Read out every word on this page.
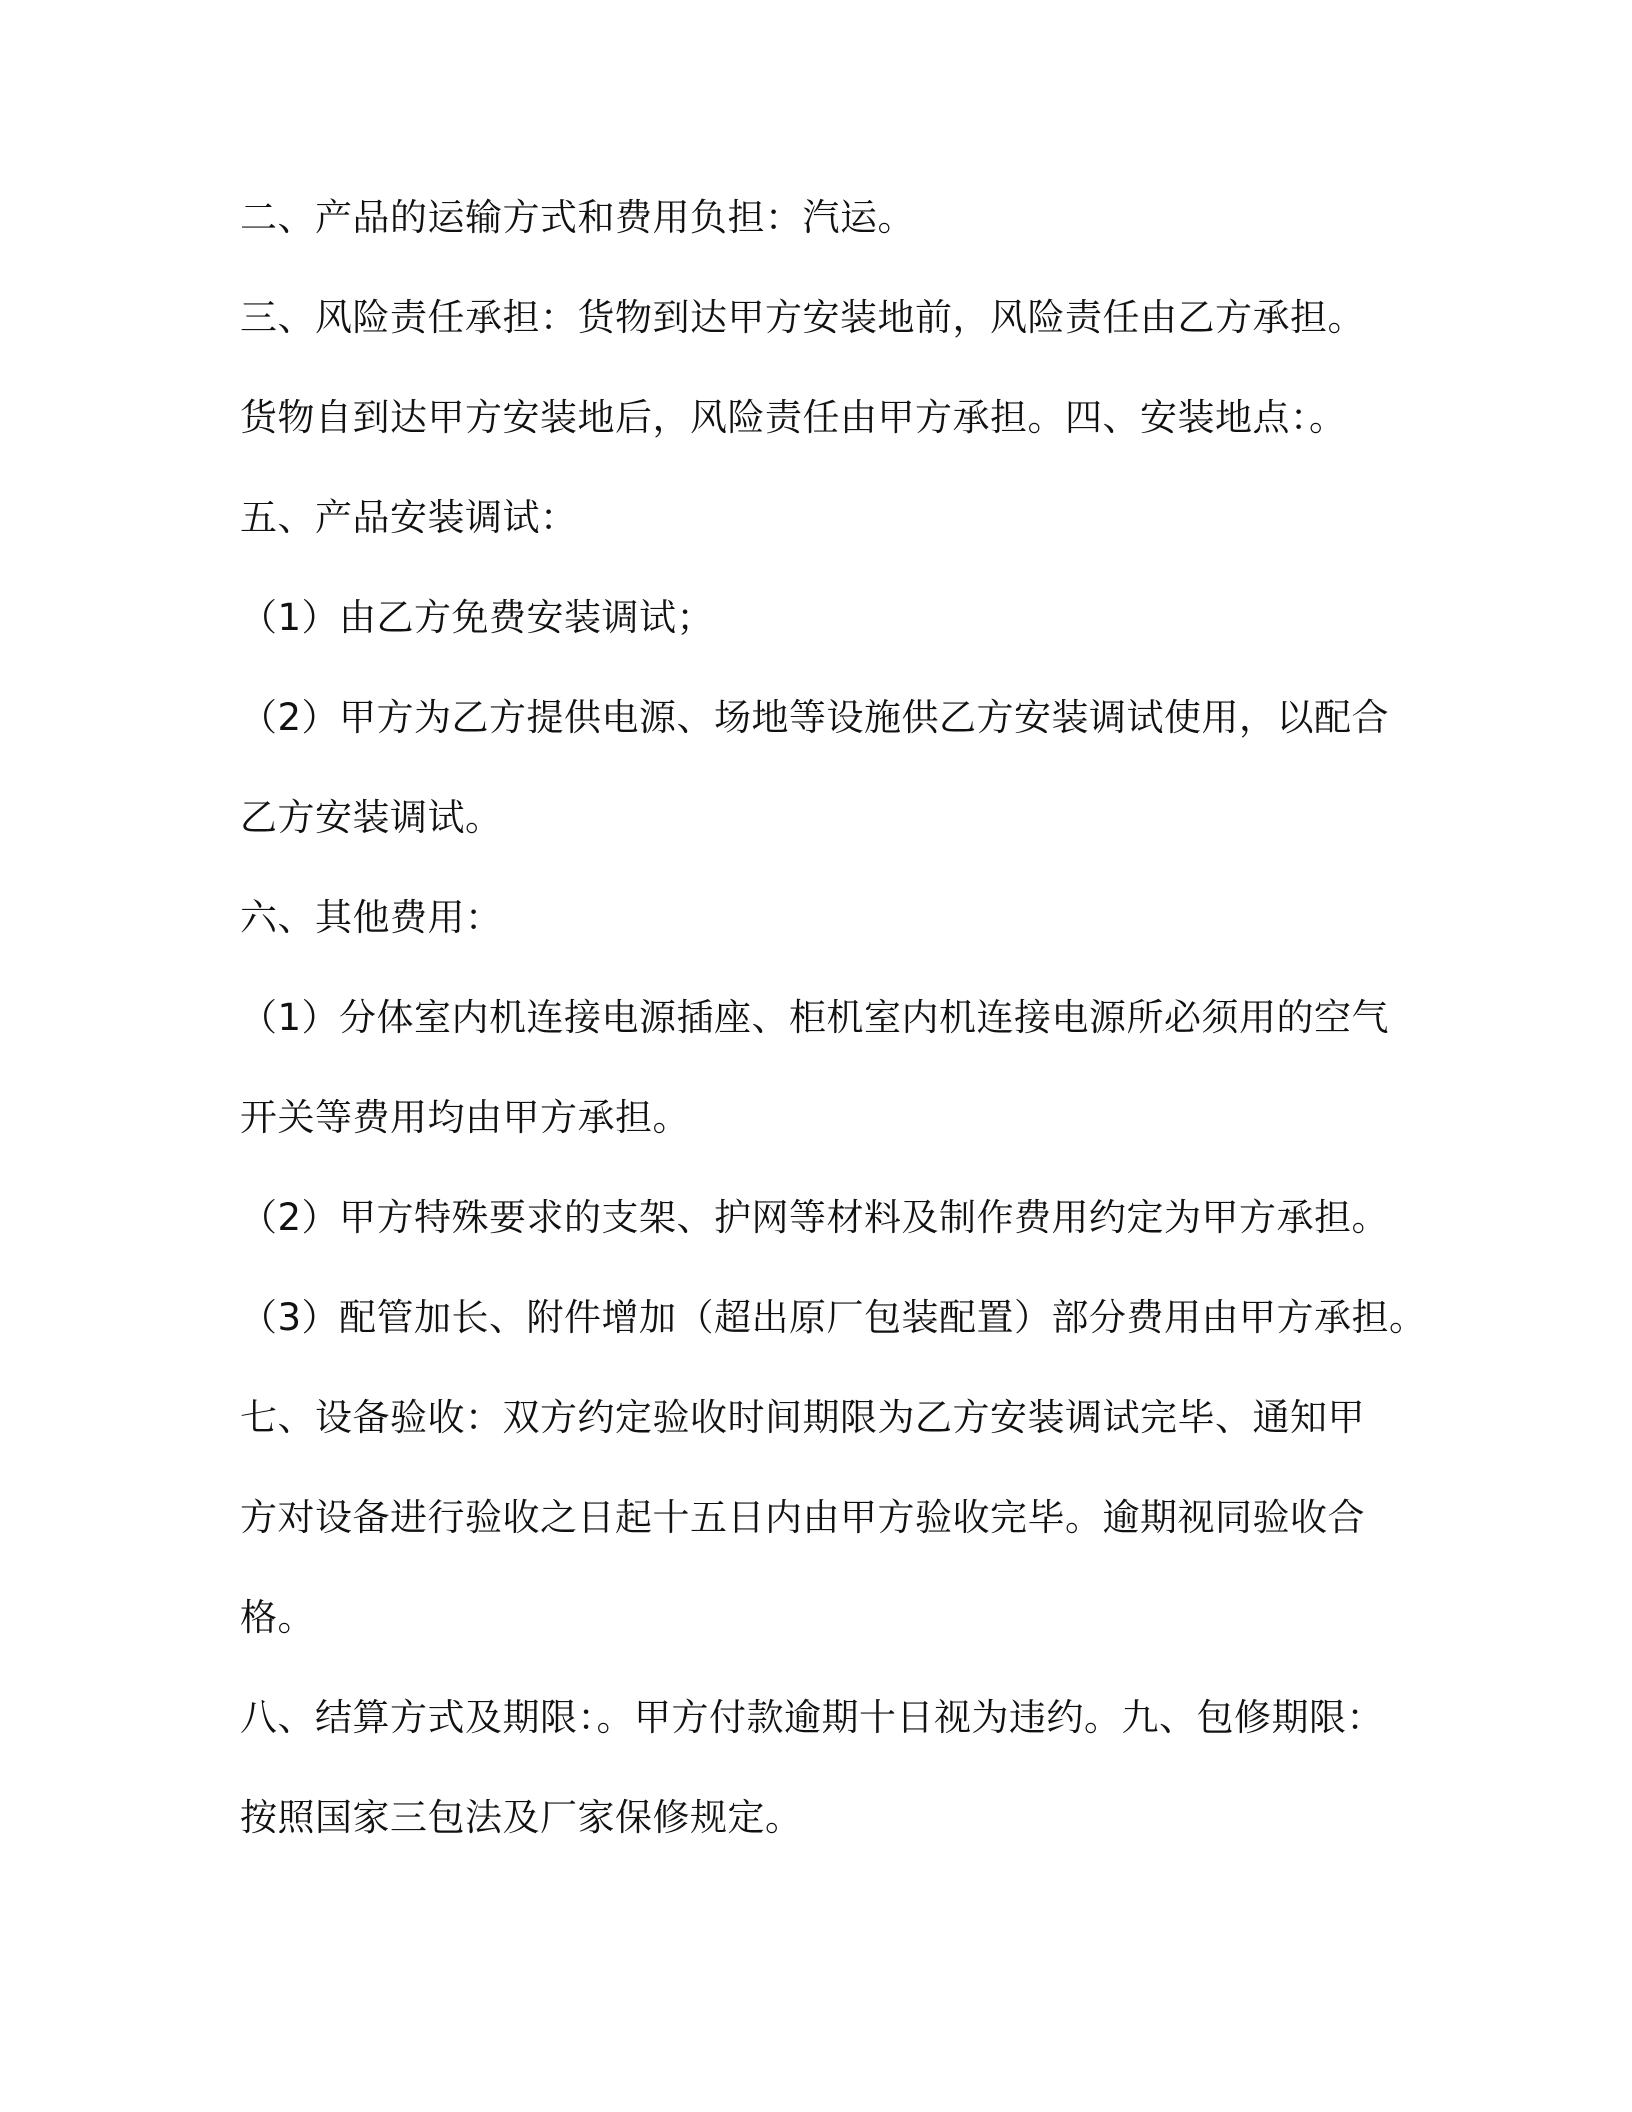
二、产品的运输方式和费用负担：汽运。
三、风险责任承担：货物到达甲方安装地前，风险责任由乙方承担。
货物自到达甲方安装地后，风险责任由甲方承担。四、安装地点：。
五、产品安装调试：
（1）由乙方免费安装调试；
（2）甲方为乙方提供电源、场地等设施供乙方安装调试使用，以配合
乙方安装调试。
六、其他费用：
（1）分体室内机连接电源插座、柜机室内机连接电源所必须用的空气
开关等费用均由甲方承担。
（2）甲方特殊要求的支架、护网等材料及制作费用约定为甲方承担。
（3）配管加长、附件增加（超出原厂包装配置）部分费用由甲方承担。
七、设备验收：双方约定验收时间期限为乙方安装调试完毕、通知甲
方对设备进行验收之日起十五日内由甲方验收完毕。逾期视同验收合
格。
八、结算方式及期限：。甲方付款逾期十日视为违约。九、包修期限：
按照国家三包法及厂家保修规定。
